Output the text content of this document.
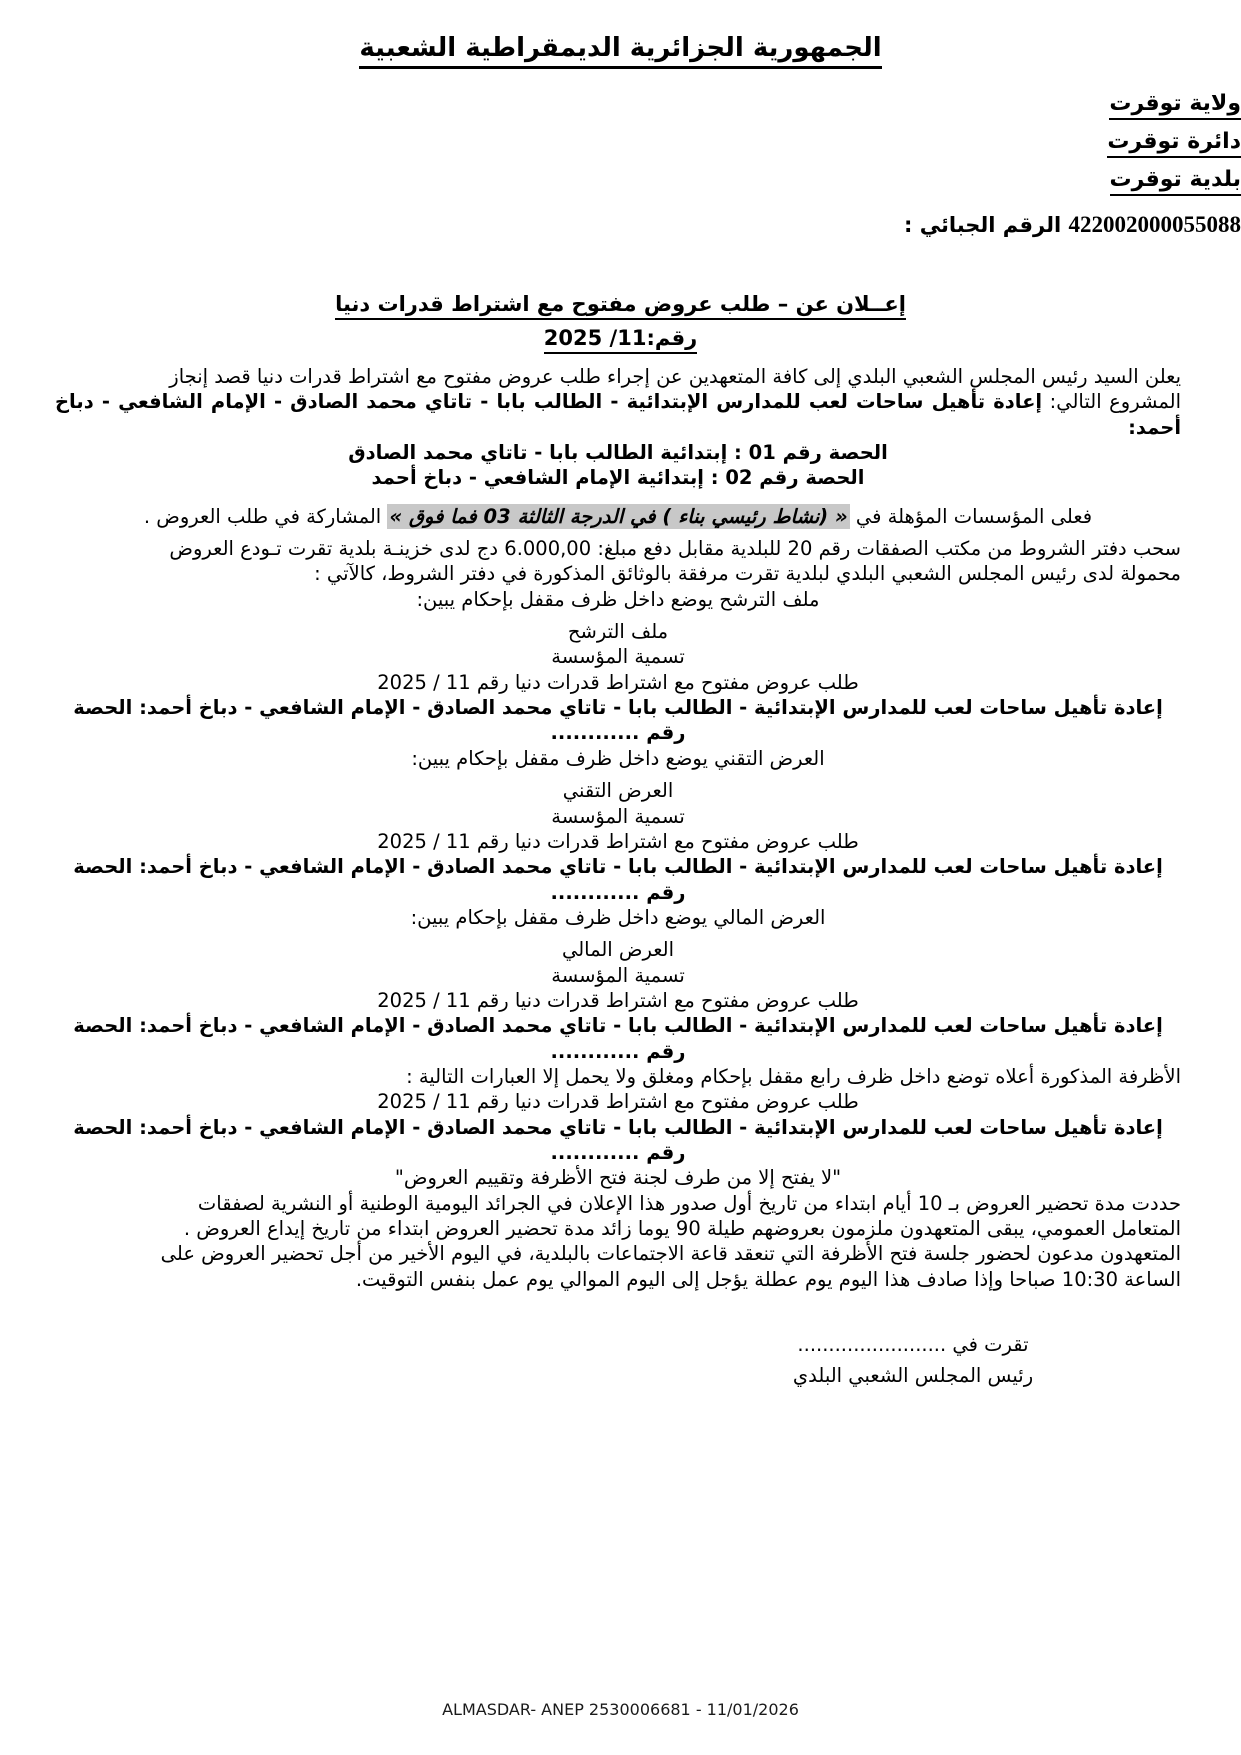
الجمهورية الجزائرية الديمقراطية الشعبية
ولاية توقرت
دائرة توقرت
بلدية توقرت
422002000055088 الرقم الجبائي :
إعــلان عن – طلب عروض مفتوح مع اشتراط قدرات دنيا
رقم:11/ 2025

يعلن السيد رئيس المجلس الشعبي البلدي إلى كافة المتعهدين عن إجراء طلب عروض مفتوح مع اشتراط قدرات دنيا قصد إنجاز

المشروع التالي: إعادة تأهيل ساحات لعب للمدارس الإبتدائية - الطالب بابا - تاتاي محمد الصادق - الإمام الشافعي - دباخ أحمد:

الحصة رقم 01 : إبتدائية الطالب بابا - تاتاي محمد الصادق

الحصة رقم 02 : إبتدائية الإمام الشافعي - دباخ أحمد

فعلى المؤسسات المؤهلة في « (نشاط رئيسي بناء ) في الدرجة الثالثة 03 فما فوق » المشاركة في طلب العروض .

سحب دفتر الشروط من مكتب الصفقات رقم 20 للبلدية مقابل دفع مبلغ: 6.000,00 دج لدى خزينـة بلدية تقرت تـودع العروض

محمولة لدى رئيس المجلس الشعبي البلدي لبلدية تقرت مرفقة بالوثائق المذكورة في دفتر الشروط، كالآتي :

ملف الترشح يوضع داخل ظرف مقفل بإحكام يبين:

ملف الترشح

تسمية المؤسسة

طلب عروض مفتوح مع اشتراط قدرات دنيا رقم 11 / 2025

إعادة تأهيل ساحات لعب للمدارس الإبتدائية - الطالب بابا - تاتاي محمد الصادق - الإمام الشافعي - دباخ أحمد: الحصة رقم ............

العرض التقني يوضع داخل ظرف مقفل بإحكام يبين:

العرض التقني

تسمية المؤسسة

طلب عروض مفتوح مع اشتراط قدرات دنيا رقم 11 / 2025

إعادة تأهيل ساحات لعب للمدارس الإبتدائية - الطالب بابا - تاتاي محمد الصادق - الإمام الشافعي - دباخ أحمد: الحصة رقم ............

العرض المالي يوضع داخل ظرف مقفل بإحكام يبين:

العرض المالي

تسمية المؤسسة

طلب عروض مفتوح مع اشتراط قدرات دنيا رقم 11 / 2025

إعادة تأهيل ساحات لعب للمدارس الإبتدائية - الطالب بابا - تاتاي محمد الصادق - الإمام الشافعي - دباخ أحمد: الحصة رقم ............

الأظرفة المذكورة أعلاه توضع داخل ظرف رابع مقفل بإحكام ومغلق ولا يحمل إلا العبارات التالية :

طلب عروض مفتوح مع اشتراط قدرات دنيا رقم 11 / 2025

إعادة تأهيل ساحات لعب للمدارس الإبتدائية - الطالب بابا - تاتاي محمد الصادق - الإمام الشافعي - دباخ أحمد: الحصة رقم ............

"لا يفتح إلا من طرف لجنة فتح الأظرفة وتقييم العروض"

حددت مدة تحضير العروض بـ 10 أيام ابتداء من تاريخ أول صدور هذا الإعلان في الجرائد اليومية الوطنية أو النشرية لصفقات

المتعامل العمومي، يبقى المتعهدون ملزمون بعروضهم طيلة 90 يوما زائد مدة تحضير العروض ابتداء من تاريخ إيداع العروض .

المتعهدون مدعون لحضور جلسة فتح الأظرفة التي تنعقد قاعة الاجتماعات بالبلدية، في اليوم الأخير من أجل تحضير العروض على

الساعة 10:30 صباحا وإذا صادف هذا اليوم يوم عطلة يؤجل إلى اليوم الموالي يوم عمل بنفس التوقيت.

تقرت في ........................

رئيس المجلس الشعبي البلدي

ALMASDAR- ANEP 2530006681 - 11/01/2026
